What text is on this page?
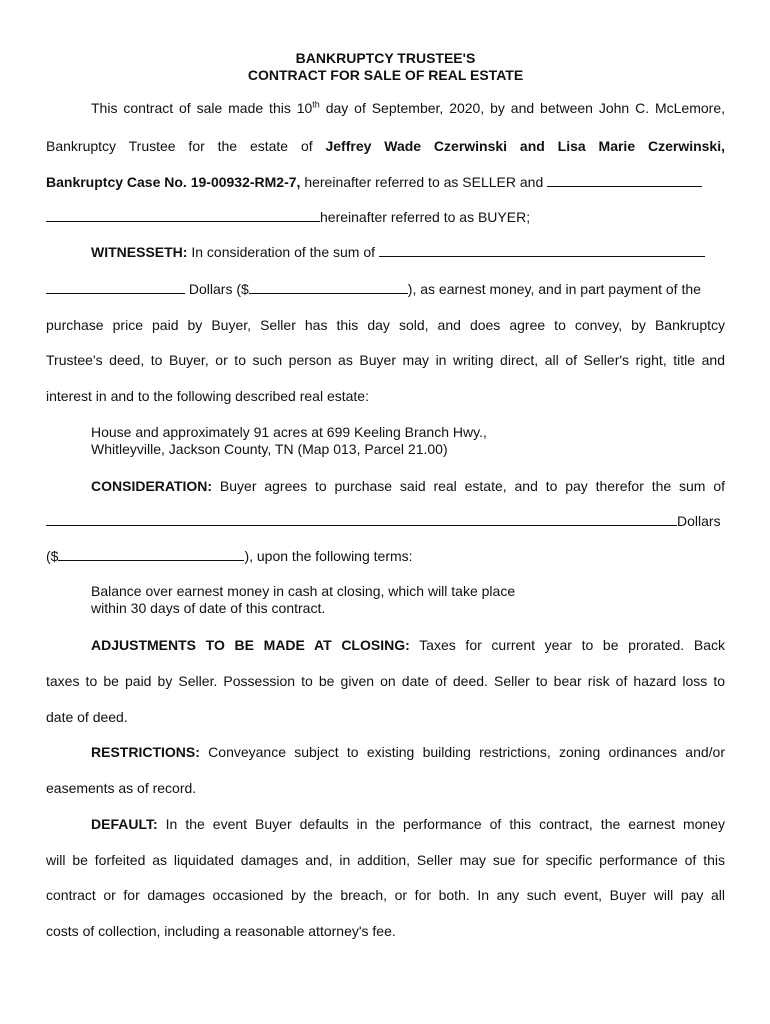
BANKRUPTCY TRUSTEE'S
CONTRACT FOR SALE OF REAL ESTATE
This contract of sale made this 10th day of September, 2020, by and between John C. McLemore,
Bankruptcy Trustee for the estate of Jeffrey Wade Czerwinski and Lisa Marie Czerwinski,
Bankruptcy Case No. 19-00932-RM2-7, hereinafter referred to as SELLER and
hereinafter referred to as BUYER;
WITNESSETH: In consideration of the sum of
Dollars ($	), as earnest money, and in part payment of the
purchase price paid by Buyer, Seller has this day sold, and does agree to convey, by Bankruptcy
Trustee's deed, to Buyer, or to such person as Buyer may in writing direct, all of Seller's right, title and
interest in and to the following described real estate:
House and approximately 91 acres at 699 Keeling Branch Hwy.,
Whitleyville, Jackson County, TN (Map 013, Parcel 21.00)
CONSIDERATION: Buyer agrees to purchase said real estate, and to pay therefor the sum of
Dollars
($	), upon the following terms:
Balance over earnest money in cash at closing, which will take place
within 30 days of date of this contract.
ADJUSTMENTS TO BE MADE AT CLOSING: Taxes for current year to be prorated. Back
taxes to be paid by Seller. Possession to be given on date of deed. Seller to bear risk of hazard loss to
date of deed.
RESTRICTIONS: Conveyance subject to existing building restrictions, zoning ordinances and/or
easements as of record.
DEFAULT: In the event Buyer defaults in the performance of this contract, the earnest money
will be forfeited as liquidated damages and, in addition, Seller may sue for specific performance of this
contract or for damages occasioned by the breach, or for both. In any such event, Buyer will pay all
costs of collection, including a reasonable attorney's fee.
